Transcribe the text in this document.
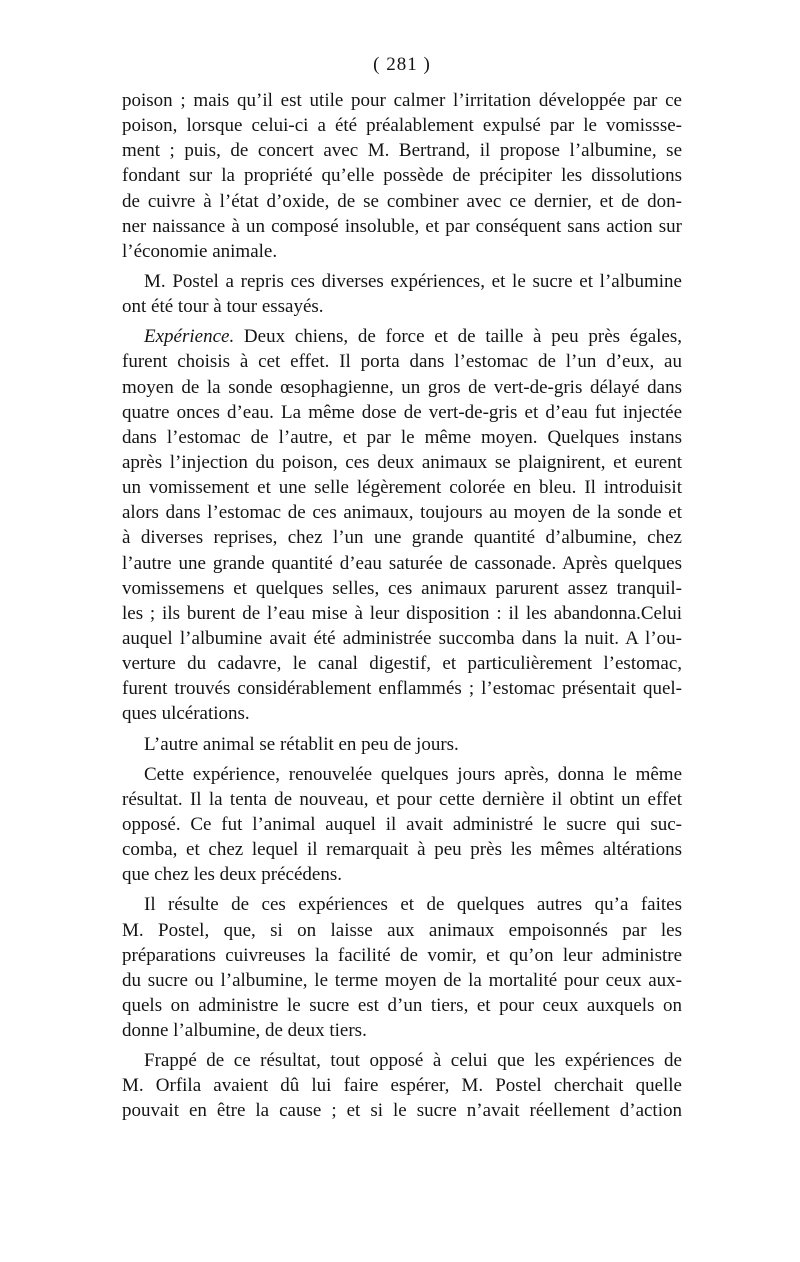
( 281 )
poison ; mais qu’il est utile pour calmer l’irritation développée par ce
poison, lorsque celui-ci a été préalablement expulsé par le vomissse-
ment ; puis, de concert avec M. Bertrand, il propose l’albumine, se
fondant sur la propriété qu’elle possède de précipiter les dissolutions
de cuivre à l’état d’oxide, de se combiner avec ce dernier, et de don-
ner naissance à un composé insoluble, et par conséquent sans action sur
l’économie animale.
M. Postel a repris ces diverses expériences, et le sucre et l’albumine
ont été tour à tour essayés.
Expérience. Deux chiens, de force et de taille à peu près égales,
furent choisis à cet effet. Il porta dans l’estomac de l’un d’eux, au
moyen de la sonde œsophagienne, un gros de vert-de-gris délayé dans
quatre onces d’eau. La même dose de vert-de-gris et d’eau fut injectée
dans l’estomac de l’autre, et par le même moyen. Quelques instans
après l’injection du poison, ces deux animaux se plaignirent, et eurent
un vomissement et une selle légèrement colorée en bleu. Il introduisit
alors dans l’estomac de ces animaux, toujours au moyen de la sonde et
à diverses reprises, chez l’un une grande quantité d’albumine, chez
l’autre une grande quantité d’eau saturée de cassonade. Après quelques
vomissemens et quelques selles, ces animaux parurent assez tranquil-
les ; ils burent de l’eau mise à leur disposition : il les abandonna.Celui
auquel l’albumine avait été administrée succomba dans la nuit. A l’ou-
verture du cadavre, le canal digestif, et particulièrement l’estomac,
furent trouvés considérablement enflammés ; l’estomac présentait quel-
ques ulcérations.
L’autre animal se rétablit en peu de jours.
Cette expérience, renouvelée quelques jours après, donna le même
résultat. Il la tenta de nouveau, et pour cette dernière il obtint un effet
opposé. Ce fut l’animal auquel il avait administré le sucre qui suc-
comba, et chez lequel il remarquait à peu près les mêmes altérations
que chez les deux précédens.
Il résulte de ces expériences et de quelques autres qu’a faites
M. Postel, que, si on laisse aux animaux empoisonnés par les
préparations cuivreuses la facilité de vomir, et qu’on leur administre
du sucre ou l’albumine, le terme moyen de la mortalité pour ceux aux-
quels on administre le sucre est d’un tiers, et pour ceux auxquels on
donne l’albumine, de deux tiers.
Frappé de ce résultat, tout opposé à celui que les expériences de
M. Orfila avaient dû lui faire espérer, M. Postel cherchait quelle
pouvait en être la cause ; et si le sucre n’avait réellement d’action
